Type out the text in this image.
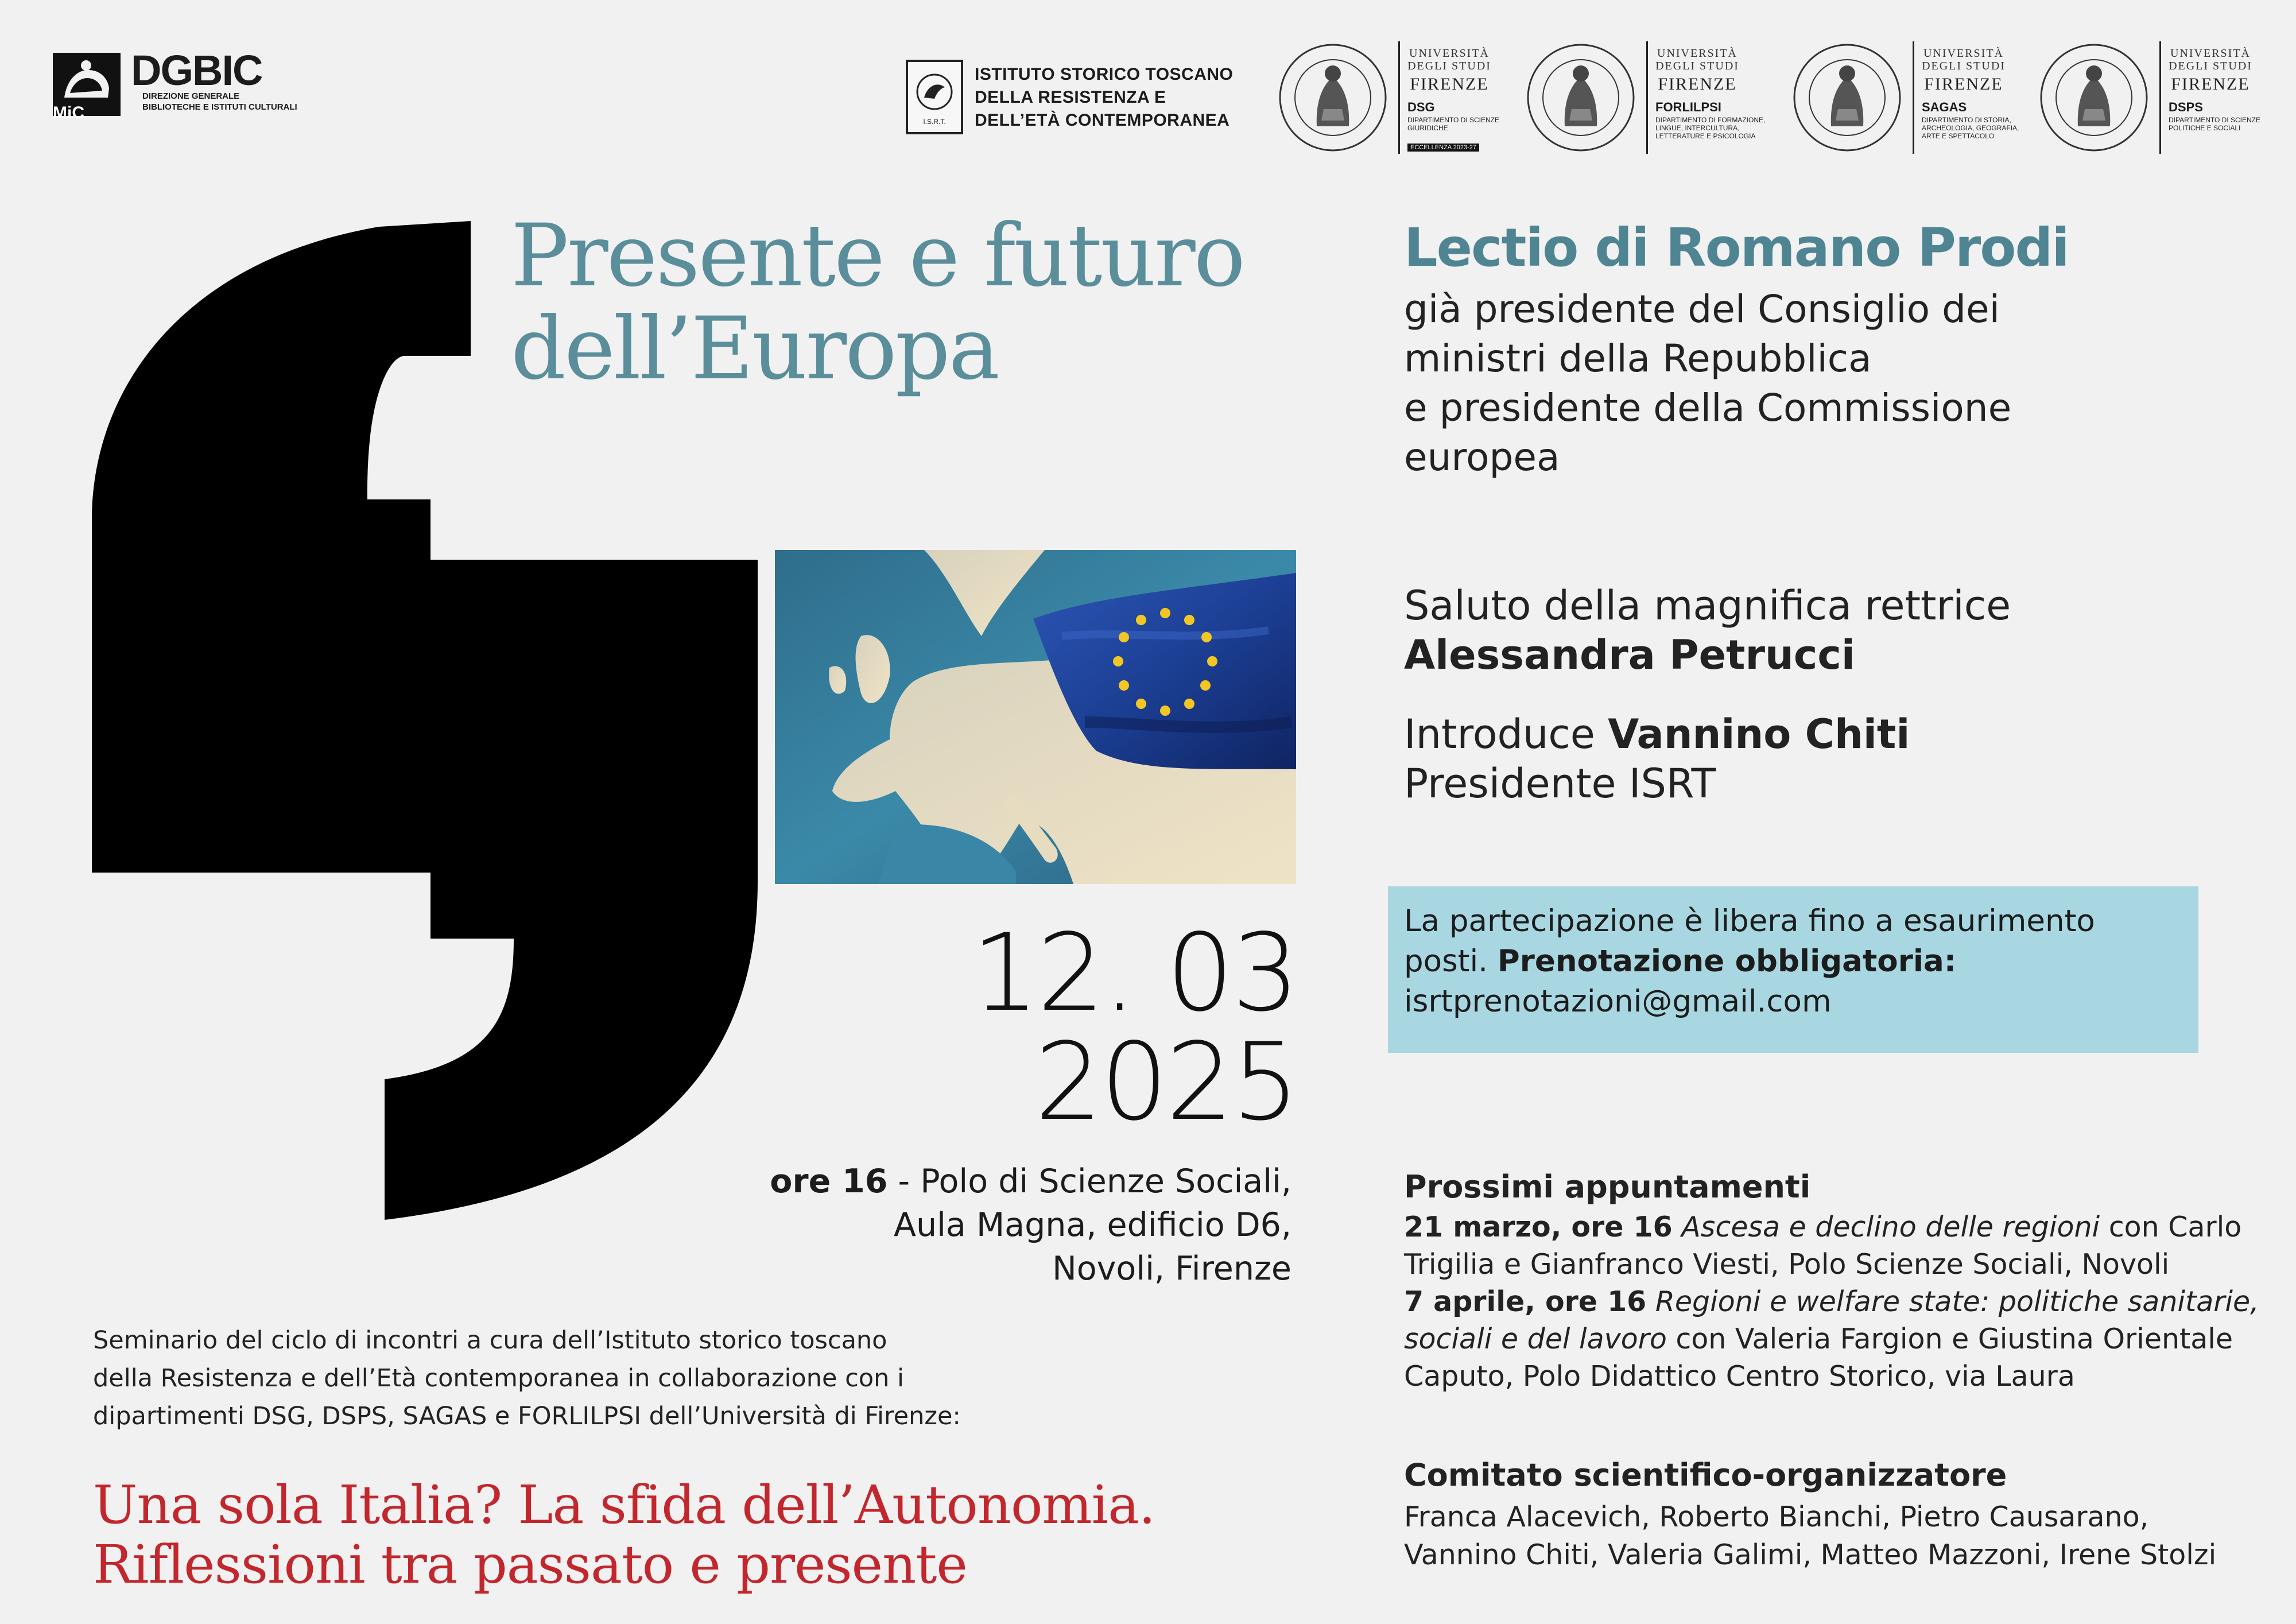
MiC
DGBIC
DIREZIONE GENERALE
BIBLIOTECHE E ISTITUTI CULTURALI
I.S.R.T.
ISTITUTO STORICO TOSCANO
DELLA RESISTENZA E
DELL’ETÀ CONTEMPORANEA
UNIVERSITÀ DEGLI STUDI
FIRENZE
DSG
DIPARTIMENTO DI SCIENZE GIURIDICHE
ECCELLENZA 2023-27
UNIVERSITÀ DEGLI STUDI
FIRENZE
FORLILPSI
DIPARTIMENTO DI FORMAZIONE, LINGUE, INTERCULTURA, LETTERATURE E PSICOLOGIA
UNIVERSITÀ DEGLI STUDI
FIRENZE
SAGAS
DIPARTIMENTO DI STORIA, ARCHEOLOGIA, GEOGRAFIA, ARTE E SPETTACOLO
UNIVERSITÀ DEGLI STUDI
FIRENZE
DSPS
DIPARTIMENTO DI SCIENZE POLITICHE E SOCIALI
Presente e futuro
dell’Europa
12. 03
2025
ore 16 - Polo di Scienze Sociali,
Aula Magna, edificio D6,
Novoli, Firenze
Seminario del ciclo di incontri a cura dell’Istituto storico toscano
della Resistenza e dell’Età contemporanea in collaborazione con i
dipartimenti DSG, DSPS, SAGAS e FORLILPSI dell’Università di Firenze:
Una sola Italia? La sfida dell’Autonomia.
Riflessioni tra passato e presente
Lectio di Romano Prodi
già presidente del Consiglio dei
ministri della Repubblica
e presidente della Commissione
europea
Saluto della magnifica rettrice
Alessandra Petrucci
Introduce Vannino Chiti
Presidente ISRT
La partecipazione è libera fino a esaurimento
posti. Prenotazione obbligatoria:
isrtprenotazioni@gmail.com
Prossimi appuntamenti
21 marzo, ore 16 Ascesa e declino delle regioni con Carlo
Trigilia e Gianfranco Viesti, Polo Scienze Sociali, Novoli
7 aprile, ore 16 Regioni e welfare state: politiche sanitarie,
sociali e del lavoro con Valeria Fargion e Giustina Orientale
Caputo, Polo Didattico Centro Storico, via Laura
Comitato scientifico-organizzatore
Franca Alacevich, Roberto Bianchi, Pietro Causarano,
Vannino Chiti, Valeria Galimi, Matteo Mazzoni, Irene Stolzi
